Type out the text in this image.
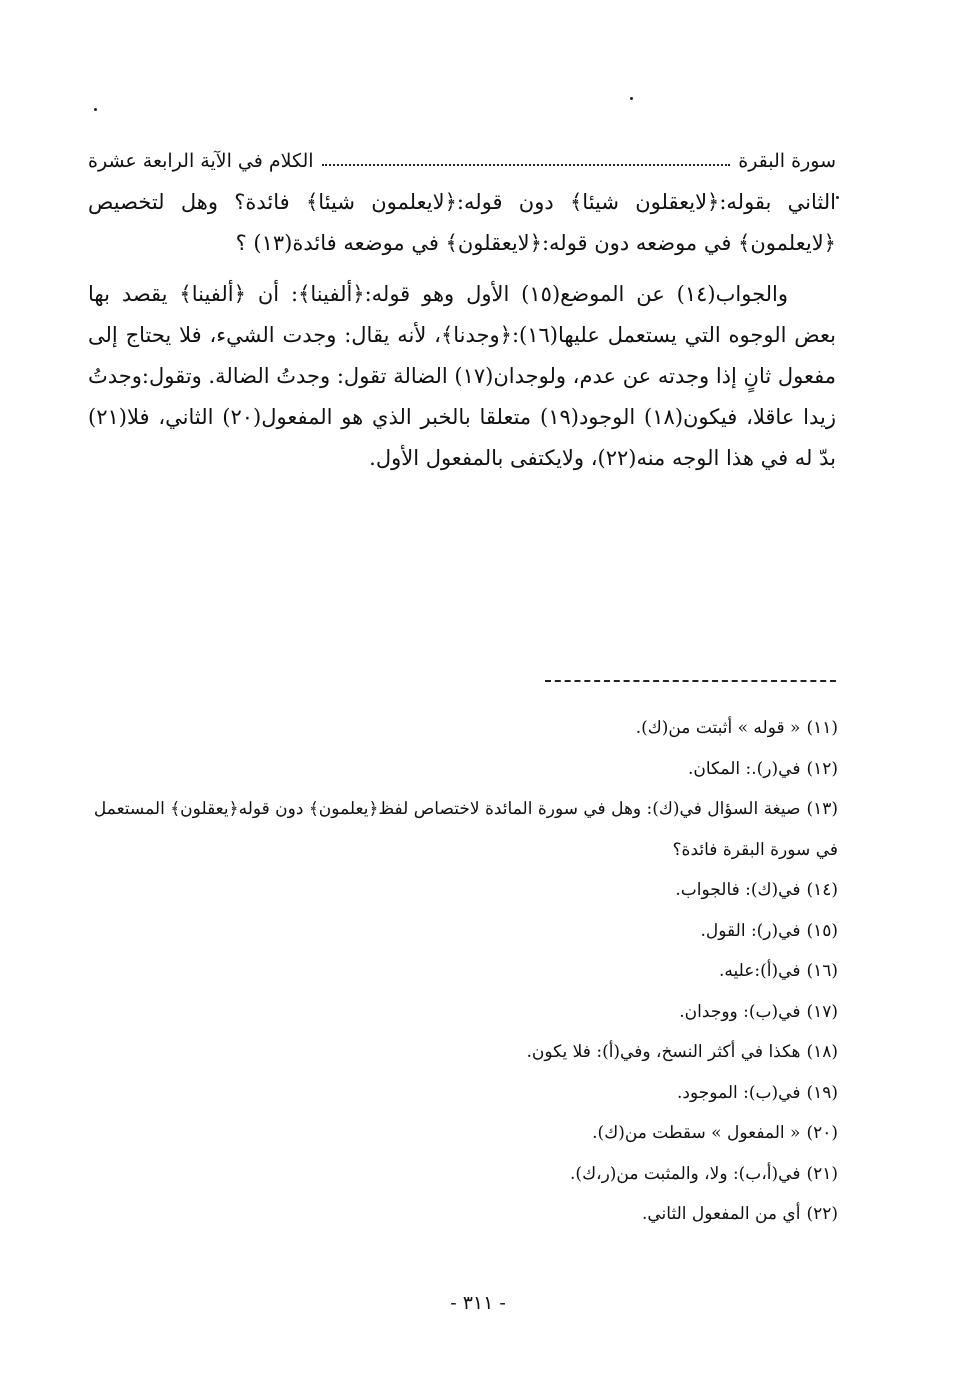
سورة البقرة
الكلام في الآية الرابعة عشرة

الثاني بقوله:﴿لايعقلون شيئا﴾ دون قوله:﴿لايعلمون شيئا﴾ فائدة؟ وهل لتخصيص ﴿لايعلمون﴾ في موضعه دون قوله:﴿لايعقلون﴾ في موضعه فائدة(١٣) ؟

والجواب(١٤) عن الموضع(١٥) الأول وهو قوله:﴿ألفينا﴾: أن ﴿ألفينا﴾ يقصد بها بعض الوجوه التي يستعمل عليها(١٦):﴿وجدنا﴾، لأنه يقال: وجدت الشيء، فلا يحتاج إلى مفعول ثانٍ إذا وجدته عن عدم، ولوجدان(١٧) الضالة تقول: وجدتُ الضالة. وتقول:وجدتُ زيدا عاقلا، فيكون(١٨) الوجود(١٩) متعلقا بالخبر الذي هو المفعول(٢٠) الثاني، فلا(٢١) بدّ له في هذا الوجه منه(٢٢)، ولايكتفى بالمفعول الأول.

(١١)« قوله » أثبتت من(ك).
(١٢)في(ر).: المكان.
(١٣)صيغة السؤال في(ك): وهل في سورة المائدة لاختصاص لفظ﴿يعلمون﴾ دون قوله﴿يعقلون﴾ المستعمل في سورة البقرة فائدة؟
(١٤)في(ك): فالجواب.
(١٥)في(ر): القول.
(١٦)في(أ):عليه.
(١٧)في(ب): ووجدان.
(١٨)هكذا في أكثر النسخ، وفي(أ): فلا يكون.
(١٩)في(ب): الموجود.
(٢٠)« المفعول » سقطت من(ك).
(٢١)في(أ،ب): ولا، والمثبت من(ر،ك).
(٢٢)أي من المفعول الثاني.
- ٣١١ -
